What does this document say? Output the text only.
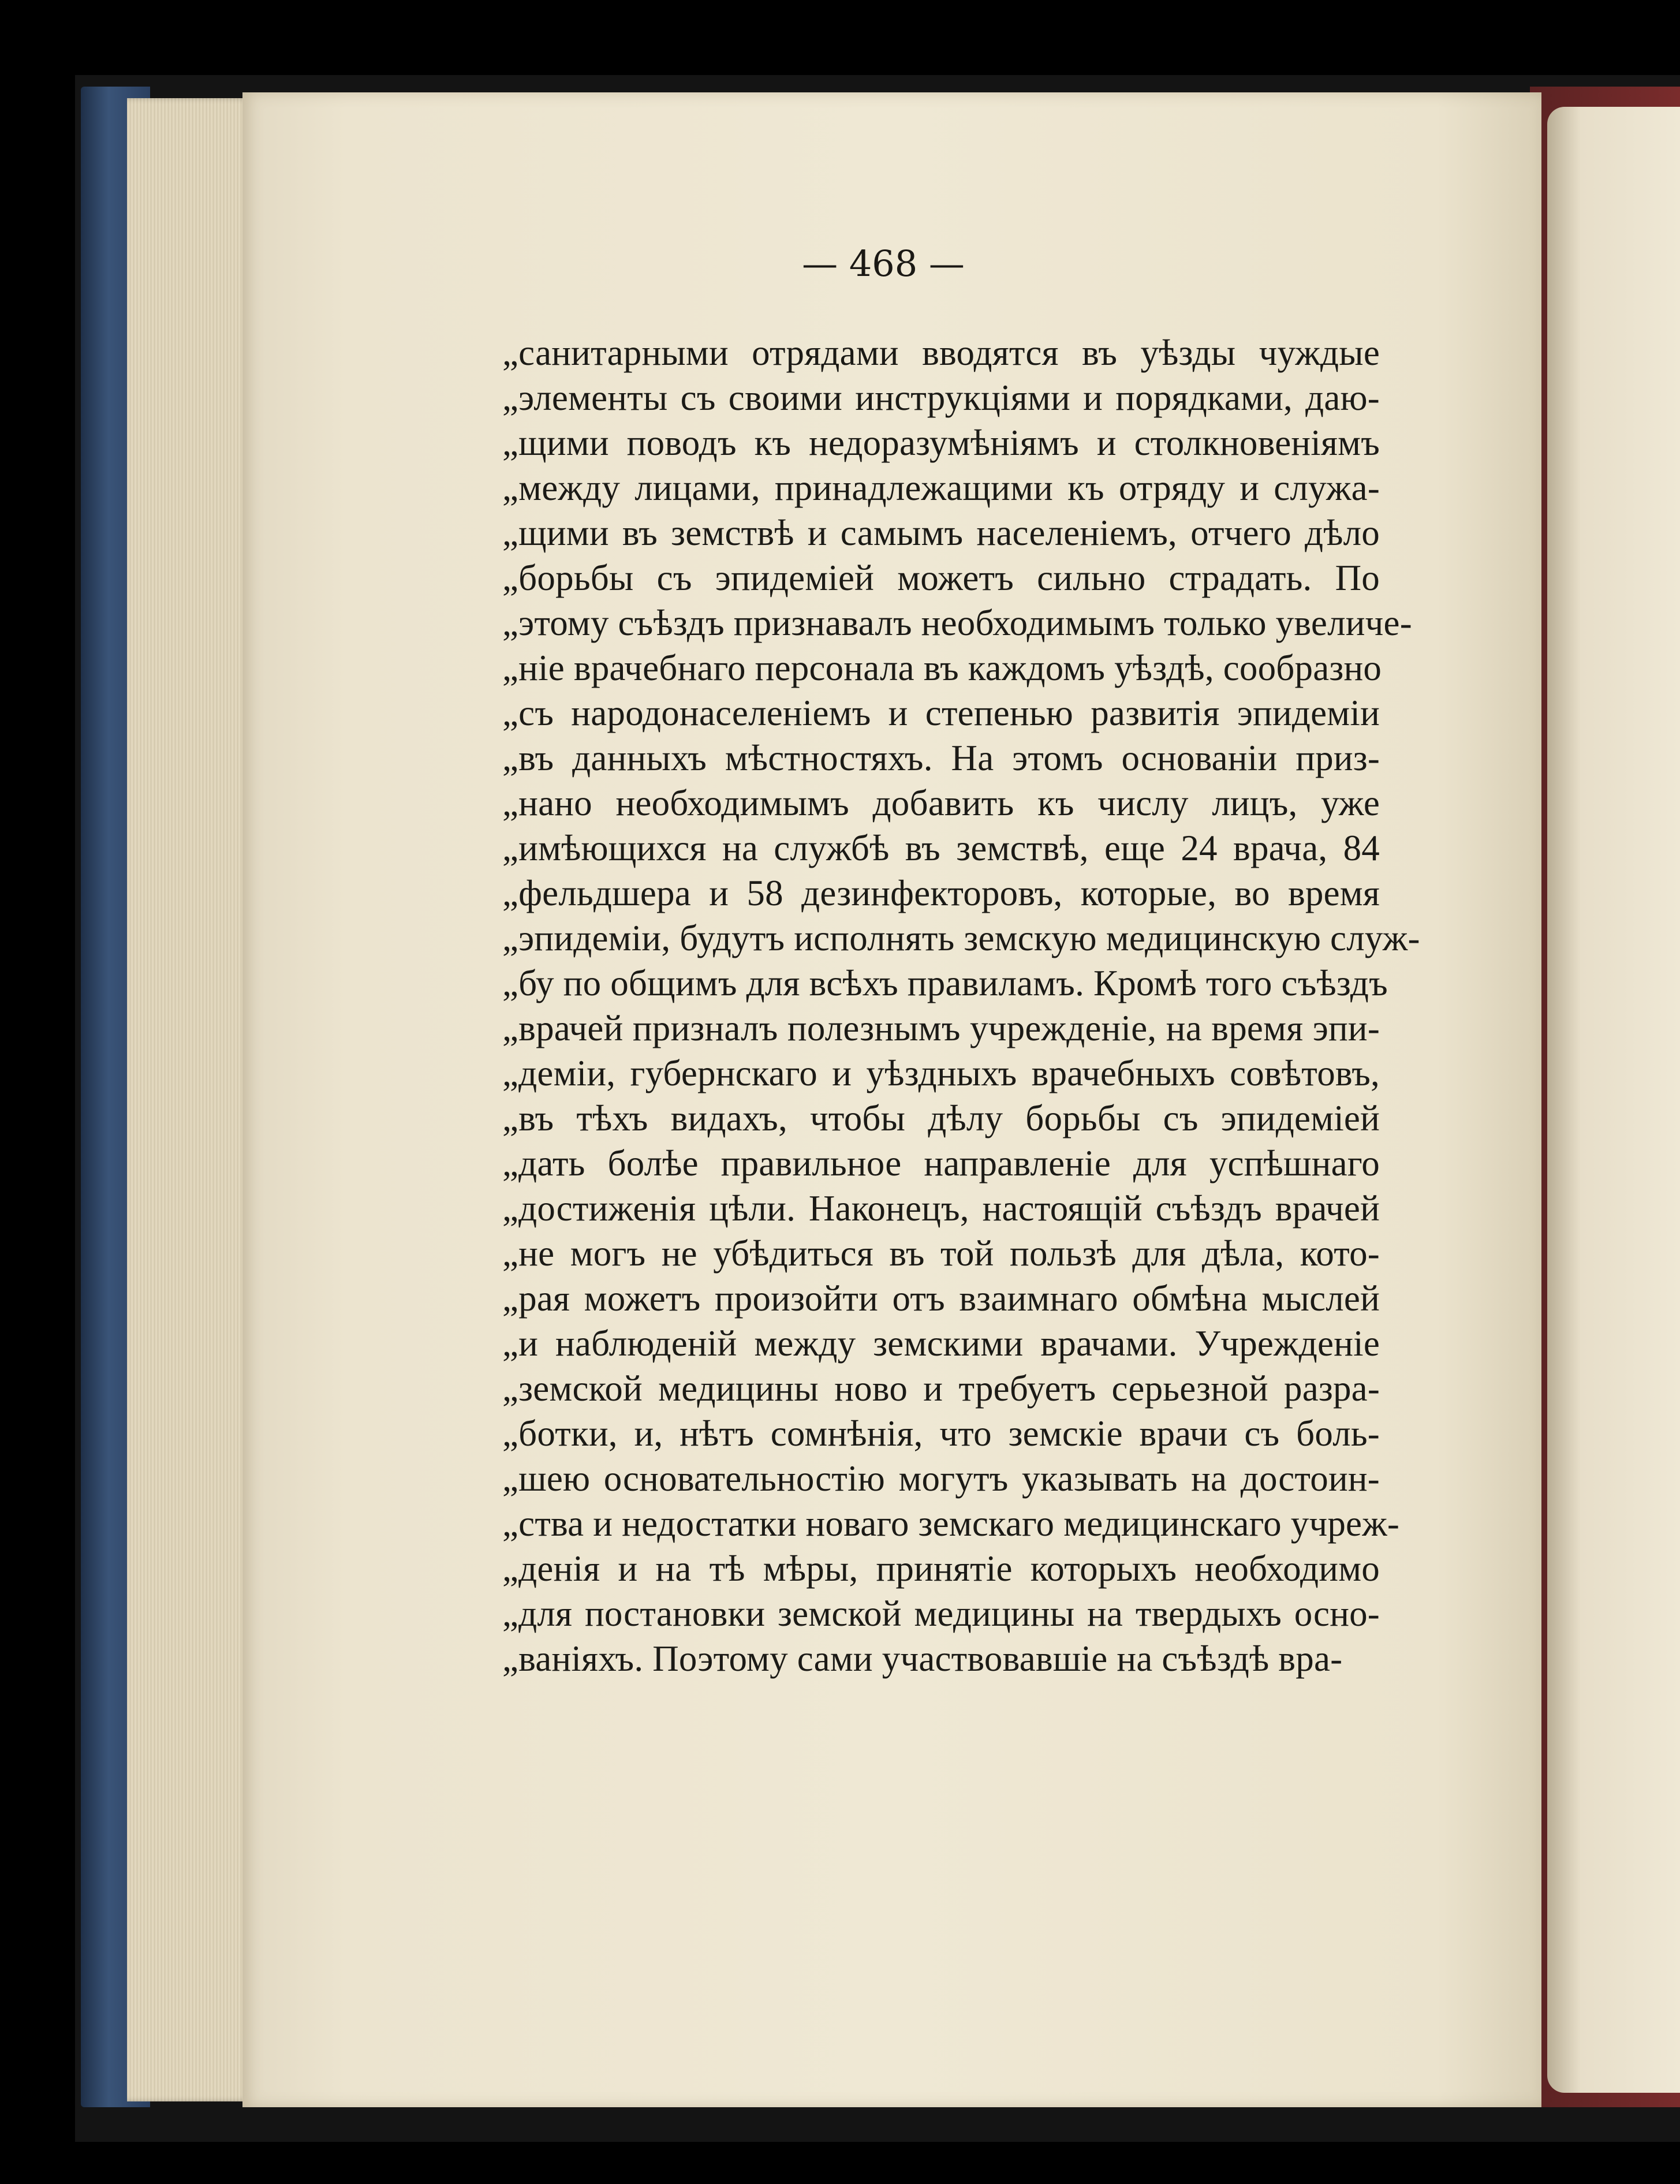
— 468 —
„санитарными отрядами вводятся въ уѣзды чуждые
„элементы съ своими инструкціями и порядками, даю-
„щими поводъ къ недоразумѣніямъ и столкновеніямъ
„между лицами, принадлежащими къ отряду и служа-
„щими въ земствѣ и самымъ населеніемъ, отчего дѣло
„борьбы съ эпидеміей можетъ сильно страдать. По
„этому съѣздъ признавалъ необходимымъ только увеличе-
„ніе врачебнаго персонала въ каждомъ уѣздѣ, сообразно
„съ народонаселеніемъ и степенью развитія эпидеміи
„въ данныхъ мѣстностяхъ. На этомъ основаніи приз-
„нано необходимымъ добавить къ числу лицъ, уже
„имѣющихся на службѣ въ земствѣ, еще 24 врача, 84
„фельдшера и 58 дезинфекторовъ, которые, во время
„эпидеміи, будутъ исполнять земскую медицинскую служ-
„бу по общимъ для всѣхъ правиламъ. Кромѣ того съѣздъ
„врачей призналъ полезнымъ учрежденіе, на время эпи-
„деміи, губернскаго и уѣздныхъ врачебныхъ совѣтовъ,
„въ тѣхъ видахъ, чтобы дѣлу борьбы съ эпидеміей
„дать болѣе правильное направленіе для успѣшнаго
„достиженія цѣли. Наконецъ, настоящій съѣздъ врачей
„не могъ не убѣдиться въ той пользѣ для дѣла, кото-
„рая можетъ произойти отъ взаимнаго обмѣна мыслей
„и наблюденій между земскими врачами. Учрежденіе
„земской медицины ново и требуетъ серьезной разра-
„ботки, и, нѣтъ сомнѣнія, что земскіе врачи съ боль-
„шею основательностію могутъ указывать на достоин-
„ства и недостатки новаго земскаго медицинскаго учреж-
„денія и на тѣ мѣры, принятіе которыхъ необходимо
„для постановки земской медицины на твердыхъ осно-
„ваніяхъ. Поэтому сами участвовавшіе на съѣздѣ вра-
